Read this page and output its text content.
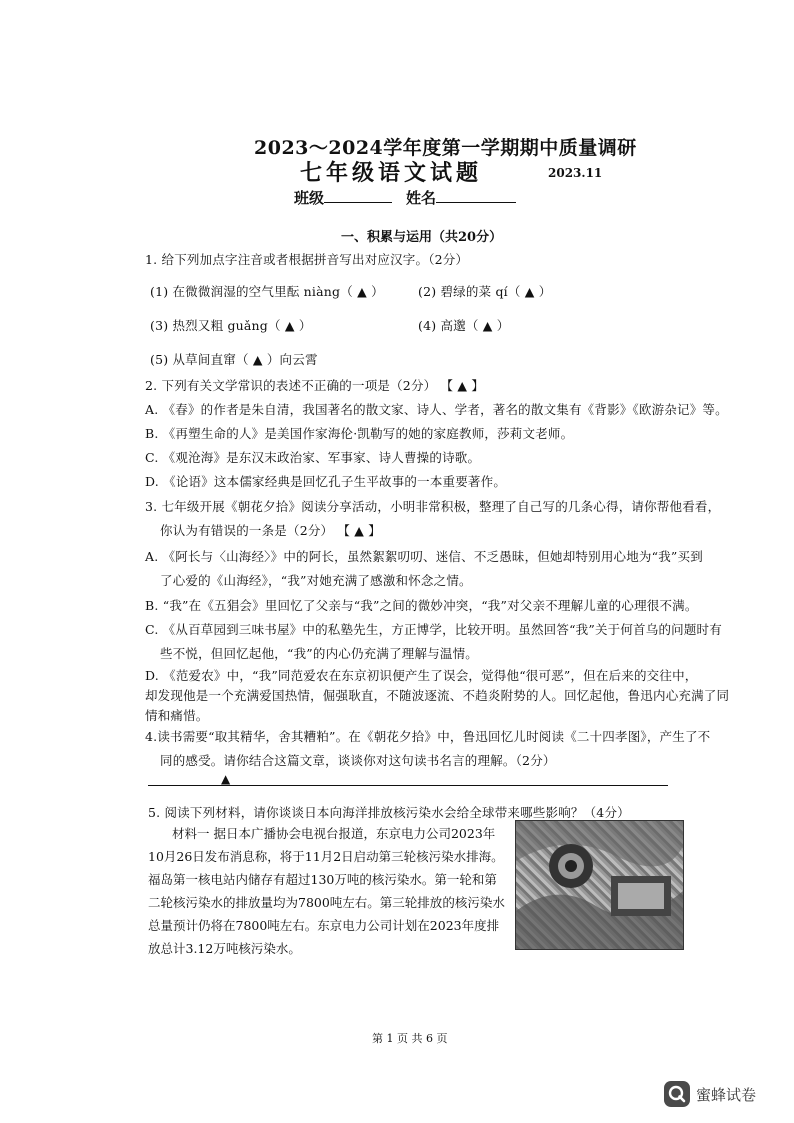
2023～2024学年度第一学期期中质量调研
七年级语文试题	2023.11
班级	姓名
一、积累与运用（共20分）
1. 给下列加点字注音或者根据拼音写出对应汉字。（2分）
(1) 在微微润湿的空气里酝 niàng（ ▲ ）	(2) 碧绿的菜 qí（ ▲ ）
(3) 热烈又粗 guǎng（ ▲ ）	(4) 高邈（ ▲ ）
(5) 从草间直窜（ ▲ ）向云霄
2. 下列有关文学常识的表述不正确的一项是（2分） 【 ▲ 】
A. 《春》的作者是朱自清，我国著名的散文家、诗人、学者，著名的散文集有《背影》《欧游杂记》等。
B. 《再塑生命的人》是美国作家海伦·凯勒写的她的家庭教师，莎莉文老师。
C. 《观沧海》是东汉末政治家、军事家、诗人曹操的诗歌。
D. 《论语》这本儒家经典是回忆孔子生平故事的一本重要著作。
3. 七年级开展《朝花夕拾》阅读分享活动，小明非常积极，整理了自己写的几条心得，请你帮他看看，
你认为有错误的一条是（2分） 【 ▲ 】
A. 《阿长与〈山海经〉》中的阿长，虽然絮絮叨叨、迷信、不乏愚昧，但她却特别用心地为“我”买到
了心爱的《山海经》，“我”对她充满了感激和怀念之情。
B. “我”在《五猖会》里回忆了父亲与“我”之间的微妙冲突，“我”对父亲不理解儿童的心理很不满。
C. 《从百草园到三味书屋》中的私塾先生，方正博学，比较开明。虽然回答“我”关于何首乌的问题时有
些不悦，但回忆起他，“我”的内心仍充满了理解与温情。
D. 《范爱农》中，“我”同范爱农在东京初识便产生了误会，觉得他“很可恶”，但在后来的交往中，
却发现他是一个充满爱国热情，倔强耿直，不随波逐流、不趋炎附势的人。回忆起他，鲁迅内心充满了同
情和痛惜。
4.读书需要“取其精华，舍其糟粕”。在《朝花夕拾》中，鲁迅回忆儿时阅读《二十四孝图》，产生了不
同的感受。请你结合这篇文章，谈谈你对这句读书名言的理解。（2分）
▲
5. 阅读下列材料，请你谈谈日本向海洋排放核污染水会给全球带来哪些影响？（4分）
材料一 据日本广播协会电视台报道，东京电力公司2023年10月26日发布消息称，将于11月2日启动第三轮核污染水排海。福岛第一核电站内储存有超过130万吨的核污染水。第一轮和第二轮核污染水的排放量均为7800吨左右。第三轮排放的核污染水总量预计仍将在7800吨左右。东京电力公司计划在2023年度排放总计3.12万吨核污染水。
第 1 页 共 6 页
蜜蜂试卷
